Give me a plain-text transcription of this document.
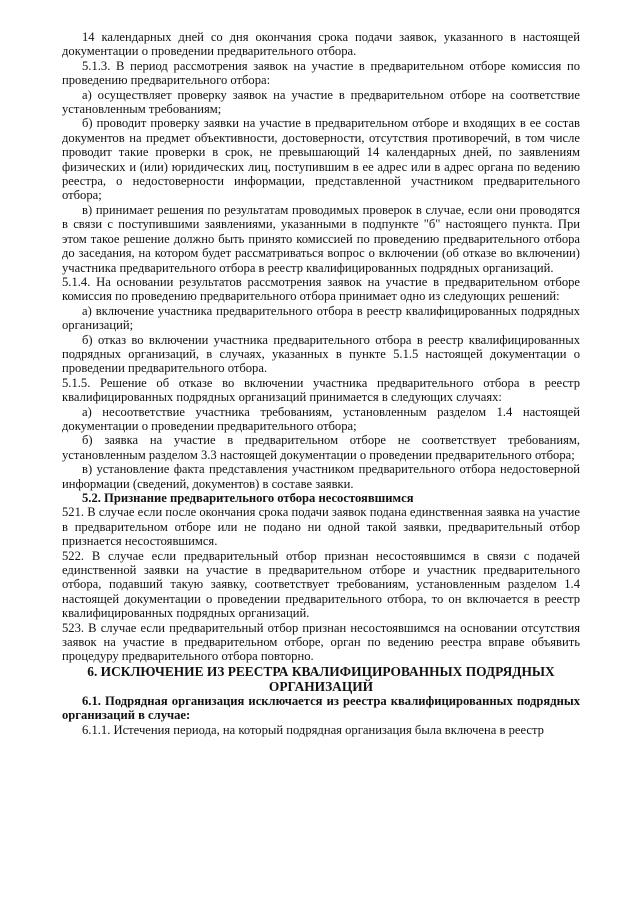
14 календарных дней со дня окончания срока подачи заявок, указанного в настоящей документации о проведении предварительного отбора.

5.1.3. В период рассмотрения заявок на участие в предварительном отборе комиссия по проведению предварительного отбора:

а) осуществляет проверку заявок на участие в предварительном отборе на соответствие установленным требованиям;

б) проводит проверку заявки на участие в предварительном отборе и входящих в ее состав документов на предмет объективности, достоверности, отсутствия противоречий, в том числе проводит такие проверки в срок, не превышающий 14 календарных дней, по заявлениям физических и (или) юридических лиц, поступившим в ее адрес или в адрес органа по ведению реестра, о недостоверности информации, представленной участником предварительного отбора;

в) принимает решения по результатам проводимых проверок в случае, если они проводятся в связи с поступившими заявлениями, указанными в подпункте "б" настоящего пункта. При этом такое решение должно быть принято комиссией по проведению предварительного отбора до заседания, на котором будет рассматриваться вопрос о включении (об отказе во включении) участника предварительного отбора в реестр квалифицированных подрядных организаций.

5.1.4. На основании результатов рассмотрения заявок на участие в предварительном отборе комиссия по проведению предварительного отбора принимает одно из следующих решений:

а) включение участника предварительного отбора в реестр квалифицированных подрядных организаций;

б) отказ во включении участника предварительного отбора в реестр квалифицированных подрядных организаций, в случаях, указанных в пункте 5.1.5 настоящей документации о проведении предварительного отбора.

5.1.5. Решение об отказе во включении участника предварительного отбора в реестр квалифицированных подрядных организаций принимается в следующих случаях:

а) несоответствие участника требованиям, установленным разделом 1.4 настоящей документации о проведении предварительного отбора;

б) заявка на участие в предварительном отборе не соответствует требованиям, установленным разделом 3.3 настоящей документации о проведении предварительного отбора;

в) установление факта представления участником предварительного отбора недостоверной информации (сведений, документов) в составе заявки.

5.2. Признание предварительного отбора несостоявшимся

521. В случае если после окончания срока подачи заявок подана единственная заявка на участие в предварительном отборе или не подано ни одной такой заявки, предварительный отбор признается несостоявшимся.

522. В случае если предварительный отбор признан несостоявшимся в связи с подачей единственной заявки на участие в предварительном отборе и участник предварительного отбора, подавший такую заявку, соответствует требованиям, установленным разделом 1.4 настоящей документации о проведении предварительного отбора, то он включается в реестр квалифицированных подрядных организаций.

523. В случае если предварительный отбор признан несостоявшимся на основании отсутствия заявок на участие в предварительном отборе, орган по ведению реестра вправе объявить процедуру предварительного отбора повторно.

6. ИСКЛЮЧЕНИЕ ИЗ РЕЕСТРА КВАЛИФИЦИРОВАННЫХ ПОДРЯДНЫХ

ОРГАНИЗАЦИЙ

6.1. Подрядная организация исключается из реестра квалифицированных подрядных организаций в случае:

6.1.1. Истечения периода, на который подрядная организация была включена в реестр
